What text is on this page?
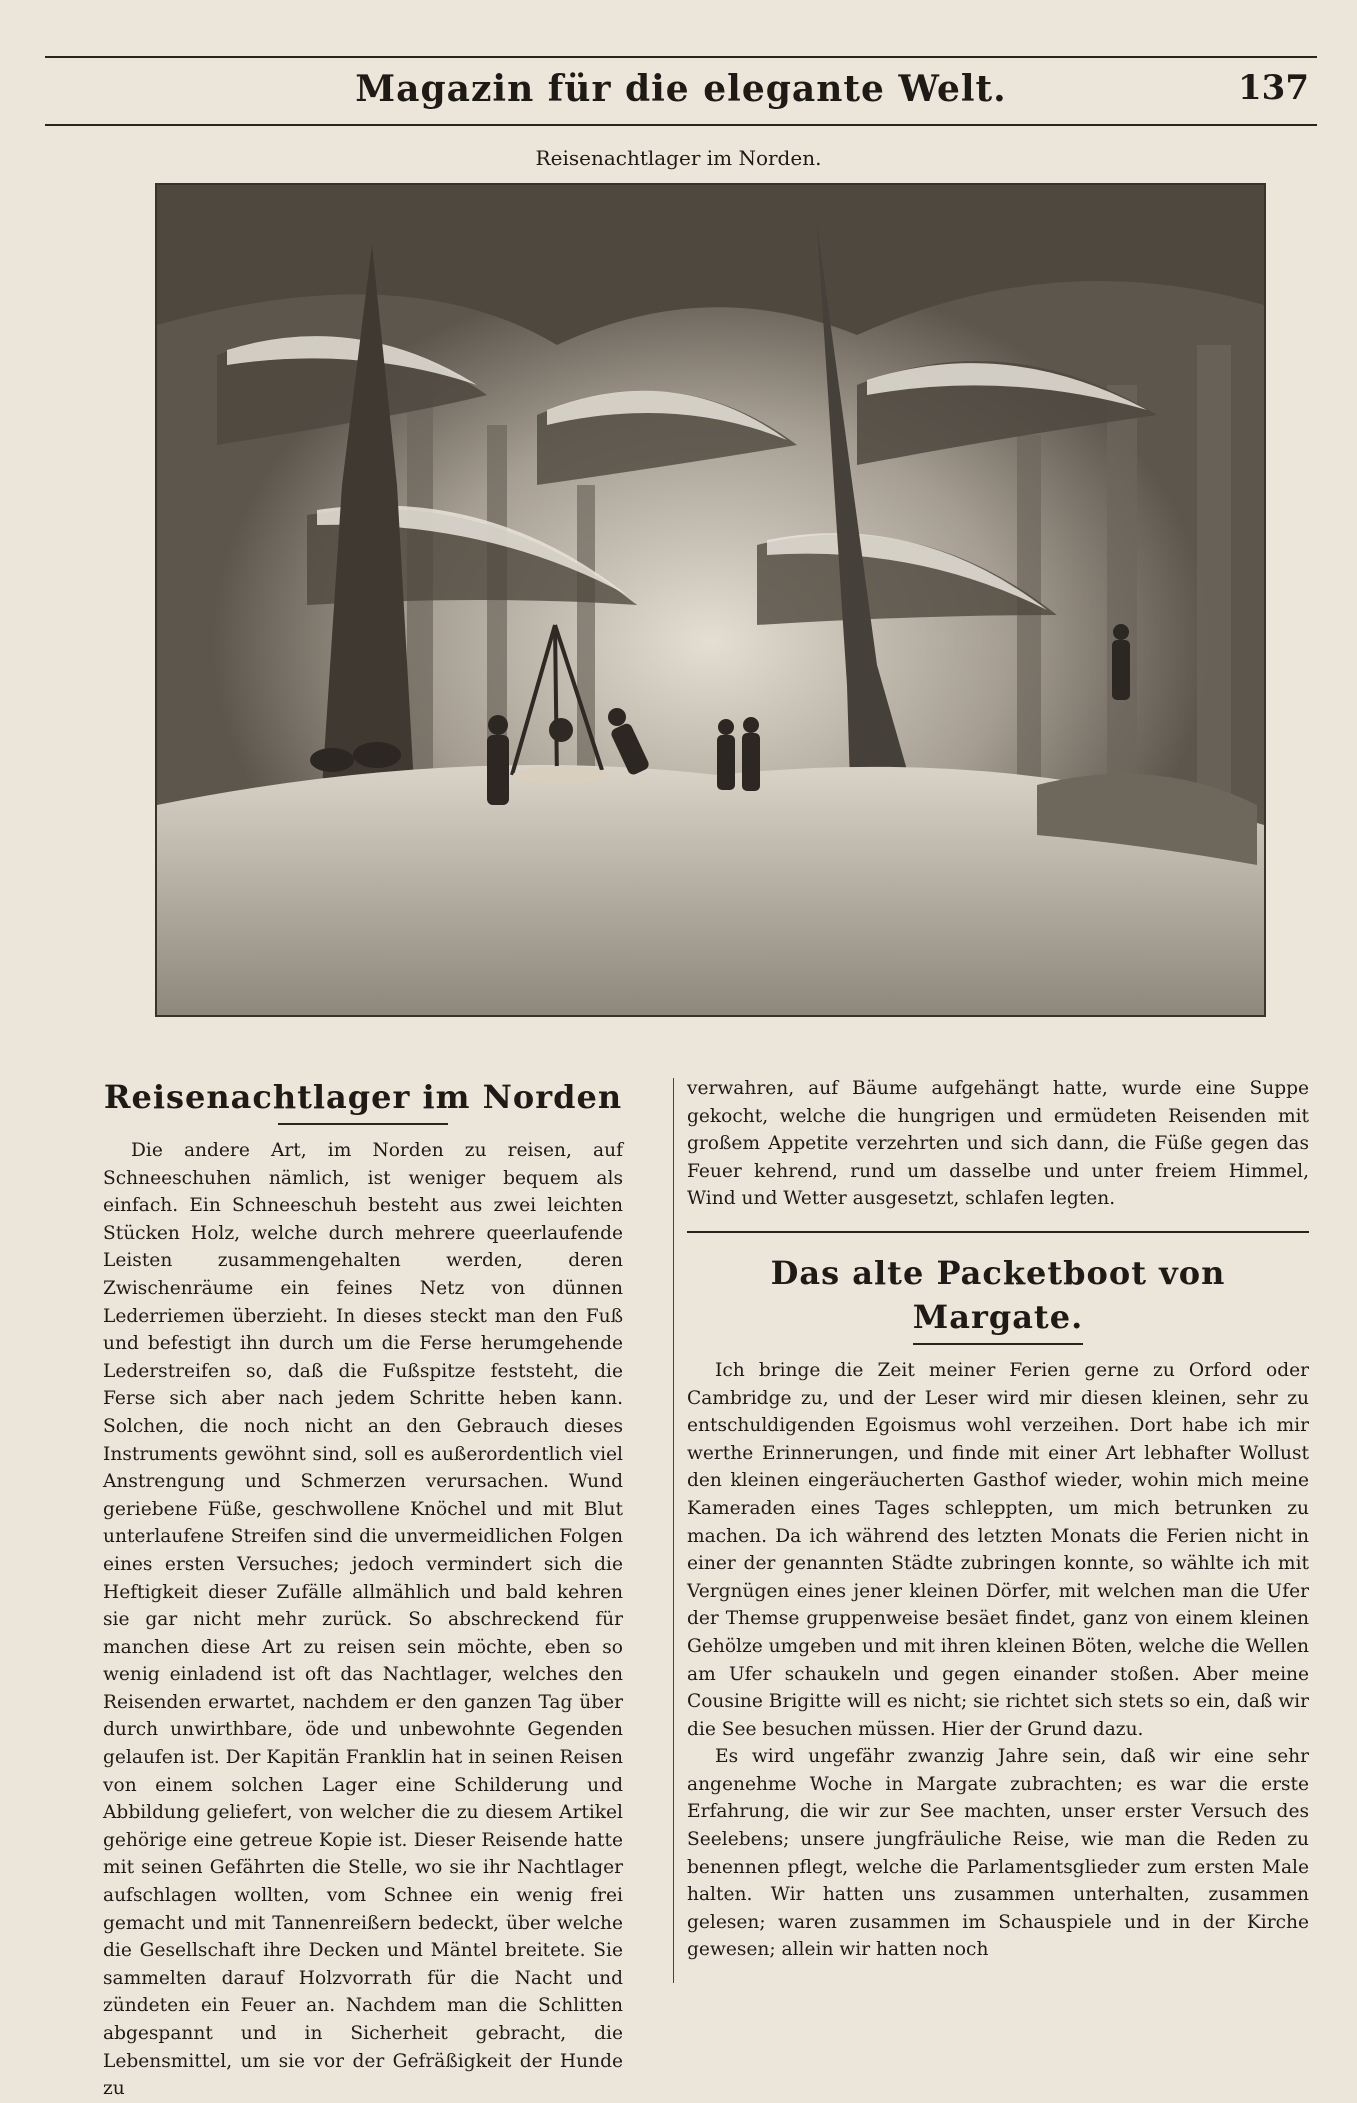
Magazin für die elegante Welt.	137
Reisenachtlager im Norden.
Reisenachtlager im Norden

Die andere Art, im Norden zu reisen, auf Schneeschuhen nämlich, ist weniger bequem als einfach. Ein Schneeschuh besteht aus zwei leichten Stücken Holz, welche durch mehrere queerlaufende Leisten zusammengehalten werden, deren Zwischenräume ein feines Netz von dünnen Lederriemen überzieht. In dieses steckt man den Fuß und befestigt ihn durch um die Ferse herumgehende Lederstreifen so, daß die Fußspitze feststeht, die Ferse sich aber nach jedem Schritte heben kann. Solchen, die noch nicht an den Gebrauch dieses Instruments gewöhnt sind, soll es außerordentlich viel Anstrengung und Schmerzen verursachen. Wund geriebene Füße, geschwollene Knöchel und mit Blut unterlaufene Streifen sind die unvermeidlichen Folgen eines ersten Versuches; jedoch vermindert sich die Heftigkeit dieser Zufälle allmählich und bald kehren sie gar nicht mehr zurück. So abschreckend für manchen diese Art zu reisen sein möchte, eben so wenig einladend ist oft das Nachtlager, welches den Reisenden erwartet, nachdem er den ganzen Tag über durch unwirthbare, öde und unbewohnte Gegenden gelaufen ist. Der Kapitän Franklin hat in seinen Reisen von einem solchen Lager eine Schilderung und Abbildung geliefert, von welcher die zu diesem Artikel gehörige eine getreue Kopie ist. Dieser Reisende hatte mit seinen Gefährten die Stelle, wo sie ihr Nachtlager aufschlagen wollten, vom Schnee ein wenig frei gemacht und mit Tannenreißern bedeckt, über welche die Gesellschaft ihre Decken und Mäntel breitete. Sie sammelten darauf Holzvorrath für die Nacht und zündeten ein Feuer an. Nachdem man die Schlitten abgespannt und in Sicherheit gebracht, die Lebensmittel, um sie vor der Gefräßigkeit der Hunde zu

verwahren, auf Bäume aufgehängt hatte, wurde eine Suppe gekocht, welche die hungrigen und ermüdeten Reisenden mit großem Appetite verzehrten und sich dann, die Füße gegen das Feuer kehrend, rund um dasselbe und unter freiem Himmel, Wind und Wetter ausgesetzt, schlafen legten.

Das alte Packetboot von Margate.

Ich bringe die Zeit meiner Ferien gerne zu Orford oder Cambridge zu, und der Leser wird mir diesen kleinen, sehr zu entschuldigenden Egoismus wohl verzeihen. Dort habe ich mir werthe Erinnerungen, und finde mit einer Art lebhafter Wollust den kleinen eingeräucherten Gasthof wieder, wohin mich meine Kameraden eines Tages schleppten, um mich betrunken zu machen. Da ich während des letzten Monats die Ferien nicht in einer der genannten Städte zubringen konnte, so wählte ich mit Vergnügen eines jener kleinen Dörfer, mit welchen man die Ufer der Themse gruppenweise besäet findet, ganz von einem kleinen Gehölze umgeben und mit ihren kleinen Böten, welche die Wellen am Ufer schaukeln und gegen einander stoßen. Aber meine Cousine Brigitte will es nicht; sie richtet sich stets so ein, daß wir die See besuchen müssen. Hier der Grund dazu.

Es wird ungefähr zwanzig Jahre sein, daß wir eine sehr angenehme Woche in Margate zubrachten; es war die erste Erfahrung, die wir zur See machten, unser erster Versuch des Seelebens; unsere jungfräuliche Reise, wie man die Reden zu benennen pflegt, welche die Parlamentsglieder zum ersten Male halten. Wir hatten uns zusammen unterhalten, zusammen gelesen; waren zusammen im Schauspiele und in der Kirche gewesen; allein wir hatten noch
